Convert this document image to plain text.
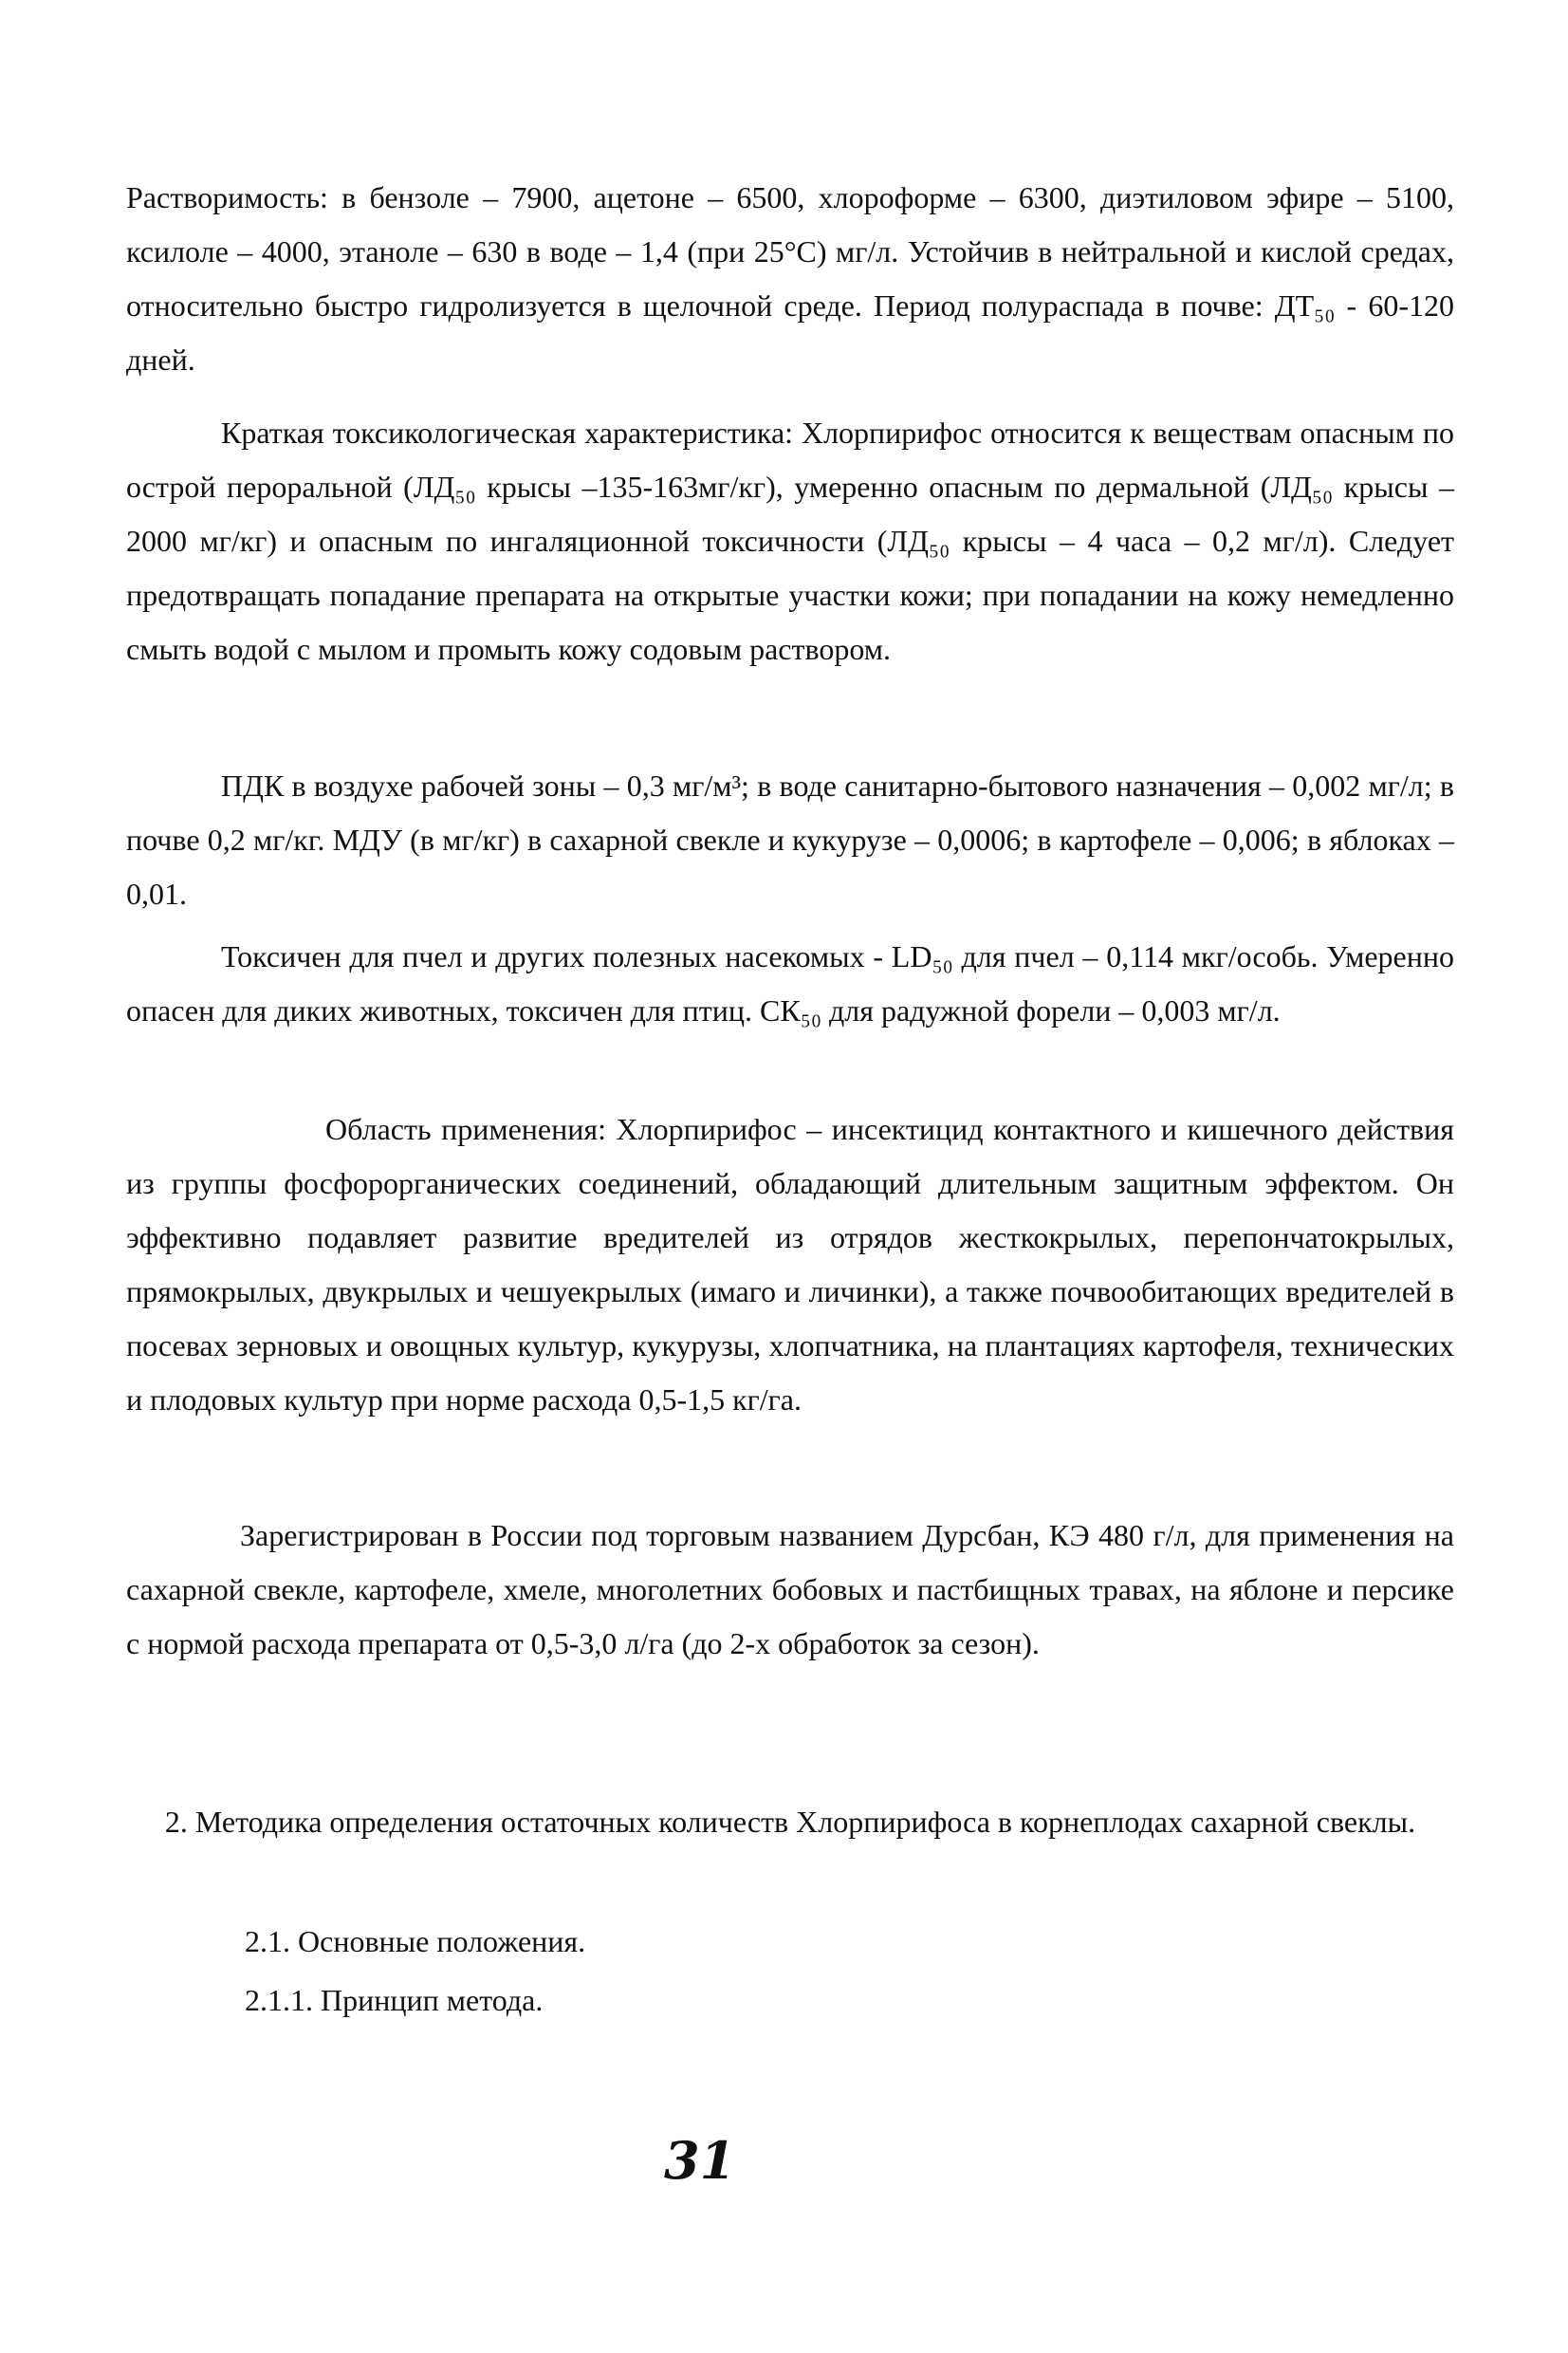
Растворимость: в бензоле – 7900, ацетоне – 6500, хлороформе – 6300, диэтиловом эфире – 5100, ксилоле – 4000, этаноле – 630 в воде – 1,4 (при 25°С) мг/л. Устойчив в нейтральной и кислой средах, относительно быстро гидролизуется в щелочной среде. Период полураспада в почве: ДТ₅₀ - 60-120 дней.

Краткая токсикологическая характеристика: Хлорпирифос относится к веществам опасным по острой пероральной (ЛД₅₀ крысы –135-163мг/кг), умеренно опасным по дермальной (ЛД₅₀ крысы –2000 мг/кг) и опасным по ингаляционной токсичности (ЛД₅₀ крысы – 4 часа – 0,2 мг/л). Следует предотвращать попадание препарата на открытые участки кожи; при попадании на кожу немедленно смыть водой с мылом и промыть кожу содовым раствором.

ПДК в воздухе рабочей зоны – 0,3 мг/м³; в воде санитарно-бытового назначения – 0,002 мг/л; в почве 0,2 мг/кг. МДУ (в мг/кг) в сахарной свекле и кукурузе – 0,0006; в картофеле – 0,006; в яблоках – 0,01.

Токсичен для пчел и других полезных насекомых - LD₅₀ для пчел – 0,114 мкг/особь. Умеренно опасен для диких животных, токсичен для птиц. СК₅₀ для радужной форели – 0,003 мг/л.

Область применения: Хлорпирифос – инсектицид контактного и кишечного действия из группы фосфорорганических соединений, обладающий длительным защитным эффектом. Он эффективно подавляет развитие вредителей из отрядов жесткокрылых, перепончатокрылых, прямокрылых, двукрылых и чешуекрылых (имаго и личинки), а также почвообитающих вредителей в посевах зерновых и овощных культур, кукурузы, хлопчатника, на плантациях картофеля, технических и плодовых культур при норме расхода 0,5-1,5 кг/га.

Зарегистрирован в России под торговым названием Дурсбан, КЭ 480 г/л, для применения на сахарной свекле, картофеле, хмеле, многолетних бобовых и пастбищных травах, на яблоне и персике с нормой расхода препарата от 0,5-3,0 л/га (до 2-х обработок за сезон).

2. Методика определения остаточных количеств Хлорпирифоса в корнеплодах сахарной свеклы.

2.1. Основные положения.

2.1.1. Принцип метода.

31
